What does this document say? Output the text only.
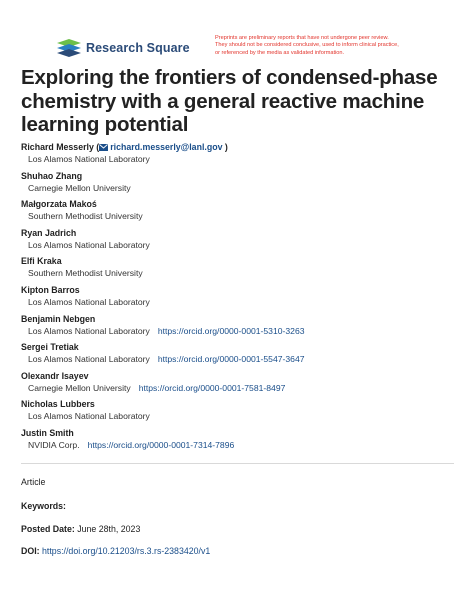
Research Square
Preprints are preliminary reports that have not undergone peer review.
They should not be considered conclusive, used to inform clinical practice,
or referenced by the media as validated information.
Exploring the frontiers of condensed-phase chemistry with a general reactive machine learning potential
Richard Messerly ( richard.messerly@lanl.gov )
Los Alamos National Laboratory
Shuhao Zhang
Carnegie Mellon University
Małgorzata Makoś
Southern Methodist University
Ryan Jadrich
Los Alamos National Laboratory
Elfi Kraka
Southern Methodist University
Kipton Barros
Los Alamos National Laboratory
Benjamin Nebgen
Los Alamos National Laboratory https://orcid.org/0000-0001-5310-3263
Sergei Tretiak
Los Alamos National Laboratory https://orcid.org/0000-0001-5547-3647
Olexandr Isayev
Carnegie Mellon University https://orcid.org/0000-0001-7581-8497
Nicholas Lubbers
Los Alamos National Laboratory
Justin Smith
NVIDIA Corp. https://orcid.org/0000-0001-7314-7896
Article
Keywords:
Posted Date: June 28th, 2023
DOI: https://doi.org/10.21203/rs.3.rs-2383420/v1
